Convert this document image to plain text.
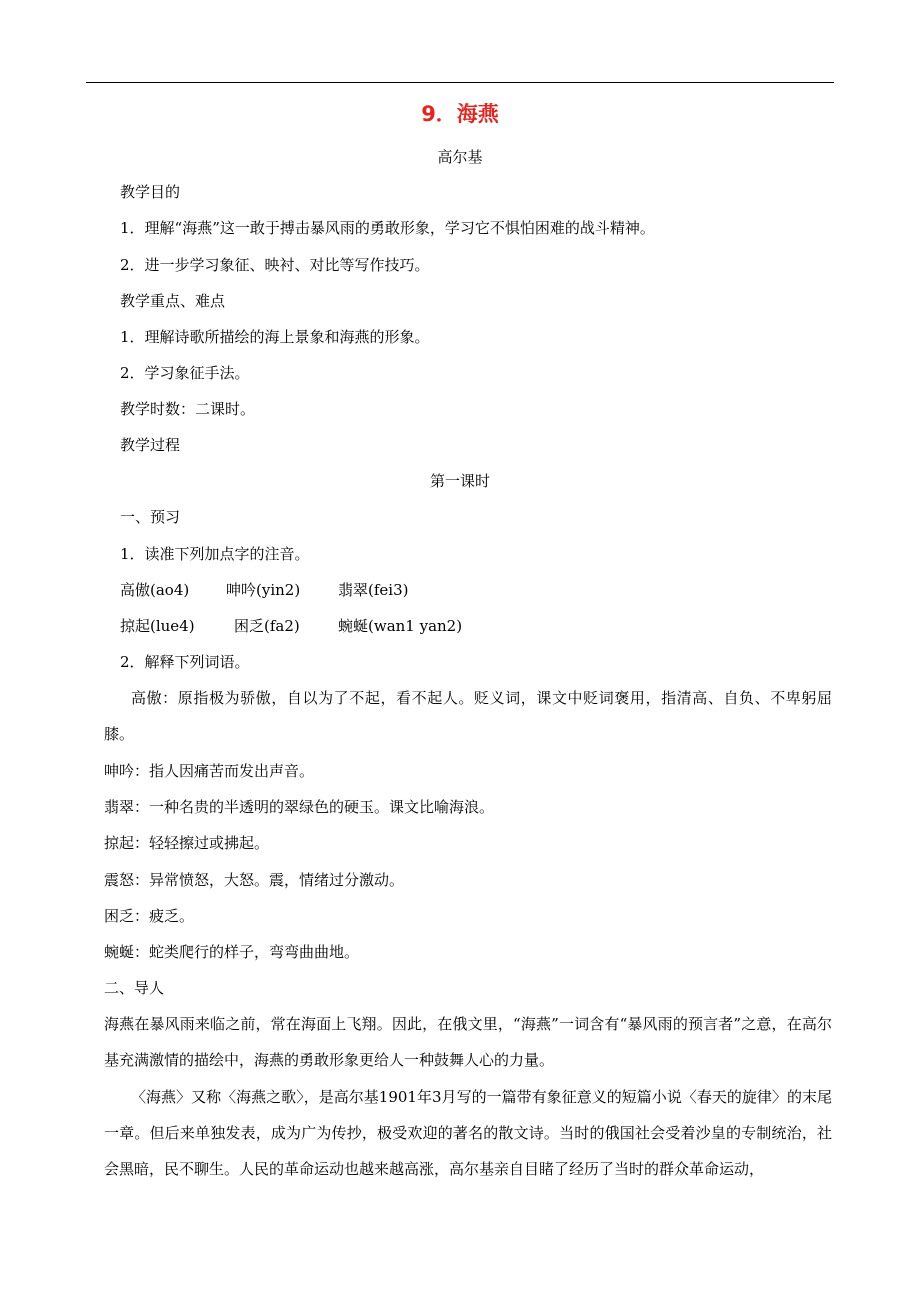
9．海燕
高尔基
教学目的
1．理解“海燕”这一敢于搏击暴风雨的勇敢形象，学习它不惧怕困难的战斗精神。
2．进一步学习象征、映衬、对比等写作技巧。
教学重点、难点
1．理解诗歌所描绘的海上景象和海燕的形象。
2．学习象征手法。
教学时数：二课时。
教学过程
第一课时
一、预习
1．读准下列加点字的注音。
高傲(ao4) 呻吟(yin2)	翡翠(fei3)
掠起(lue4)	困乏(fa2)	蜿蜒(wan1 yan2)
2．解释下列词语。
高傲：原指极为骄傲，自以为了不起，看不起人。贬义词，课文中贬词褒用，指清高、自负、不卑躬屈膝。
呻吟：指人因痛苦而发出声音。
翡翠：一种名贵的半透明的翠绿色的硬玉。课文比喻海浪。
掠起：轻轻擦过或拂起。
震怒：异常愤怒，大怒。震，情绪过分激动。
困乏：疲乏。
蜿蜒：蛇类爬行的样子，弯弯曲曲地。
二、导人
海燕在暴风雨来临之前，常在海面上飞翔。因此，在俄文里，“海燕”一词含有“暴风雨的预言者”之意，在高尔基充满激情的描绘中，海燕的勇敢形象更给人一种鼓舞人心的力量。
〈海燕〉又称〈海燕之歌〉，是高尔基1901年3月写的一篇带有象征意义的短篇小说〈春天的旋律〉的末尾一章。但后来单独发表，成为广为传抄，极受欢迎的著名的散文诗。当时的俄国社会受着沙皇的专制统治，社会黑暗，民不聊生。人民的革命运动也越来越高涨，高尔基亲自目睹了经历了当时的群众革命运动，
